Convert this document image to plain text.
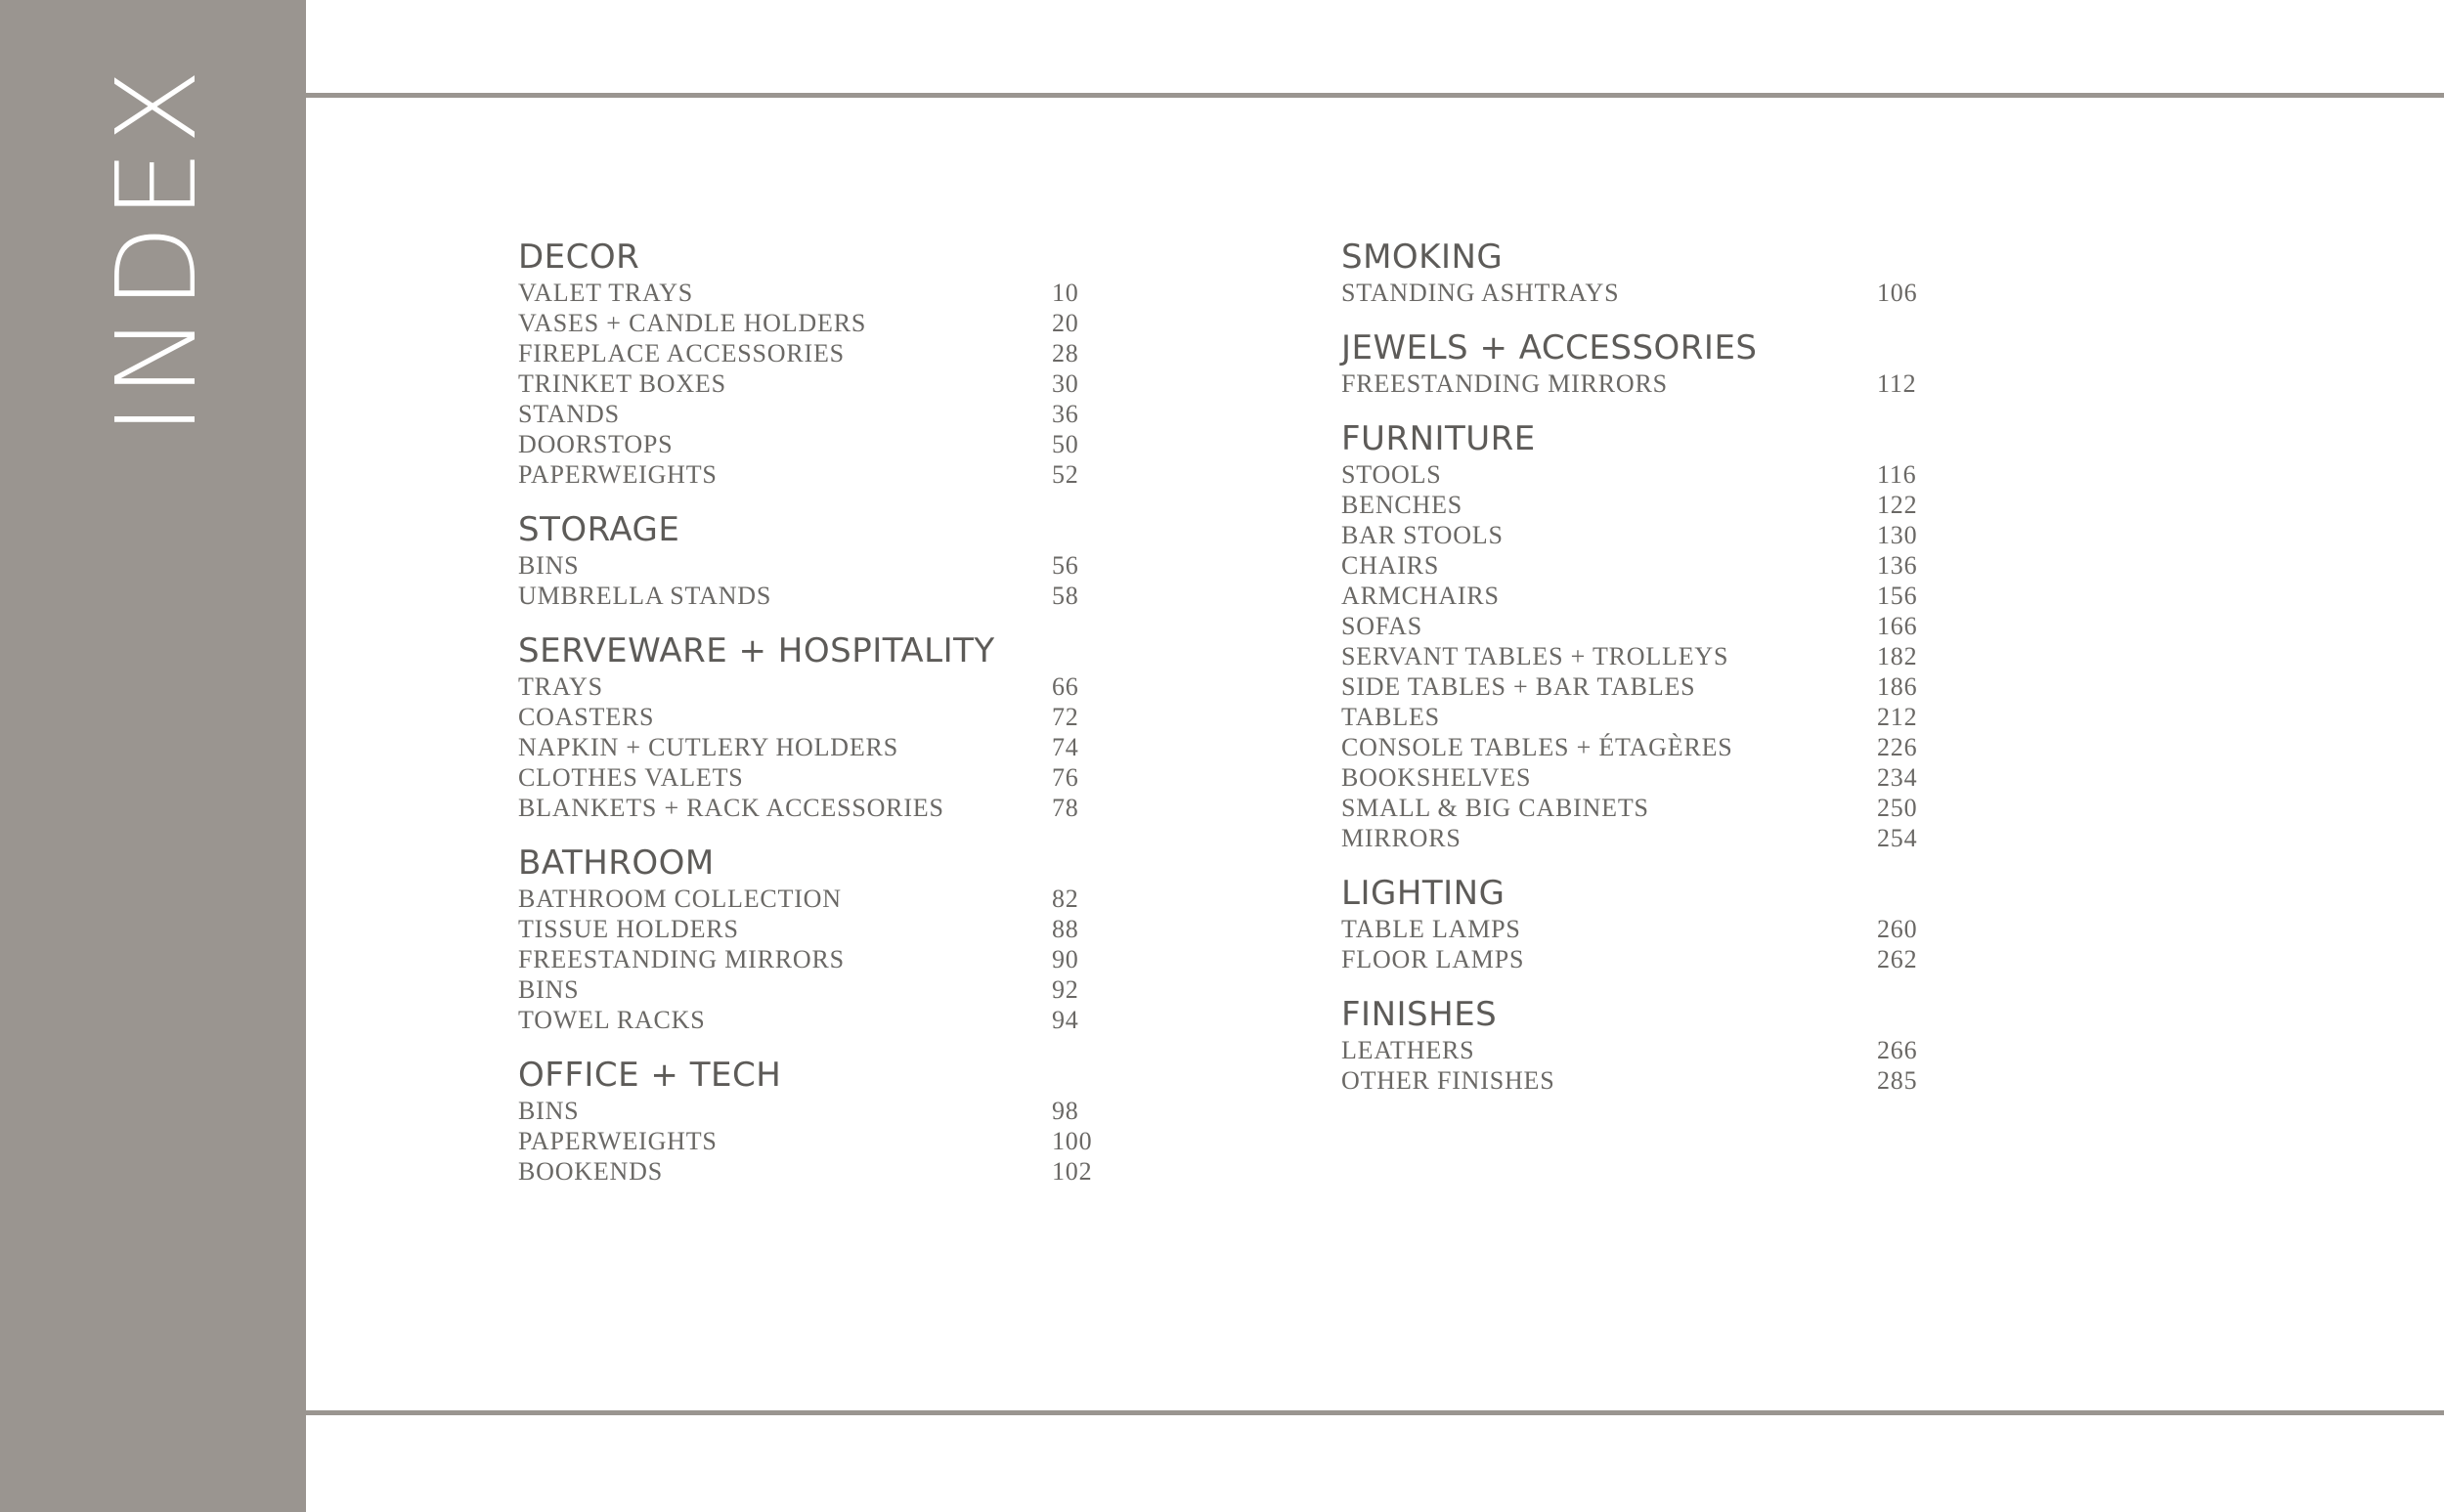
INDEX	DECOR
VALET TRAYS	10
VASES + CANDLE HOLDERS	20
FIREPLACE ACCESSORIES	28
TRINKET BOXES	30
STANDS	36
DOORSTOPS	50
PAPERWEIGHTS	52
STORAGE
BINS	56
UMBRELLA STANDS	58
SERVEWARE + HOSPITALITY
TRAYS	66
COASTERS	72
NAPKIN + CUTLERY HOLDERS	74
CLOTHES VALETS	76
BLANKETS + RACK ACCESSORIES	78
BATHROOM
BATHROOM COLLECTION	82
TISSUE HOLDERS	88
FREESTANDING MIRRORS	90
BINS	92
TOWEL RACKS	94
OFFICE + TECH
BINS	98
PAPERWEIGHTS	100
BOOKENDS	102
SMOKING
STANDING ASHTRAYS	106
JEWELS + ACCESSORIES
FREESTANDING MIRRORS	112
FURNITURE
STOOLS	116
BENCHES	122
BAR STOOLS	130
CHAIRS	136
ARMCHAIRS	156
SOFAS	166
SERVANT TABLES + TROLLEYS	182
SIDE TABLES + BAR TABLES	186
TABLES	212
CONSOLE TABLES + ÉTAGÈRES	226
BOOKSHELVES	234
SMALL & BIG CABINETS	250
MIRRORS	254
LIGHTING
TABLE LAMPS	260
FLOOR LAMPS	262
FINISHES
LEATHERS	266
OTHER FINISHES	285
